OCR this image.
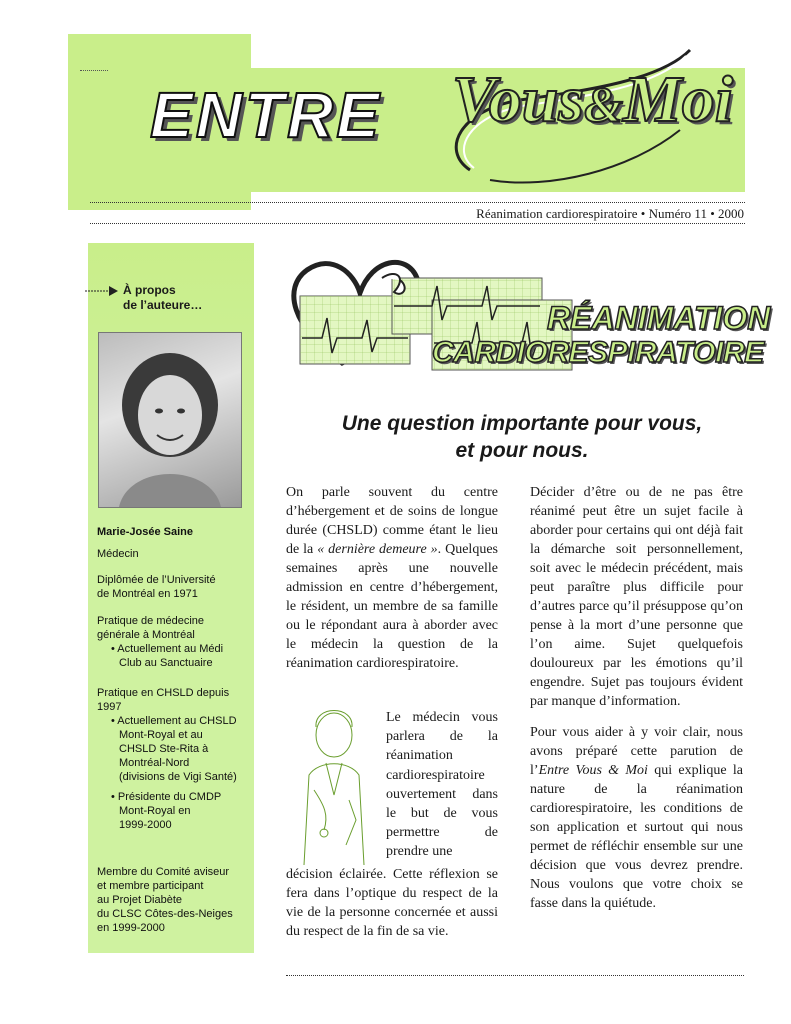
ENTRE Vous&Moi
Réanimation cardiorespiratoire • Numéro 11 • 2000
À propos
de l’auteure…
Marie-Josée Saine
Médecin
Diplômée de l’Université
de Montréal en 1971
Pratique de médecine
générale à Montréal
• Actuellement au Médi
Club au Sanctuaire
Pratique en CHSLD depuis
1997
• Actuellement au CHSLD
Mont-Royal et au
CHSLD Ste-Rita à
Montréal-Nord
(divisions de Vigi Santé)
• Présidente du CMDP
Mont-Royal en
1999-2000
Membre du Comité aviseur
et membre participant
au Projet Diabète
du CLSC Côtes-des-Neiges
en 1999-2000
RÉANIMATION
CARDIORESPIRATOIRE
Une question importante pour vous,
et pour nous.

On parle souvent du centre d’hébergement et de soins de longue durée (CHSLD) comme étant le lieu de la « dernière demeure ». Quelques semaines après une nouvelle admission en centre d’hébergement, le résident, un membre de sa famille ou le répondant aura à aborder avec le médecin la question de la réanimation cardiorespiratoire.

Le médecin vous parlera de la réanimation cardiorespiratoire ouvertement dans le but de vous permettre de prendre une
décision éclairée. Cette réflexion se fera dans l’optique du respect de la vie de la personne concernée et aussi du respect de la fin de sa vie.

Décider d’être ou de ne pas être réanimé peut être un sujet facile à aborder pour certains qui ont déjà fait la démarche soit personnellement, soit avec le médecin précédent, mais peut paraître plus difficile pour d’autres parce qu’il présuppose qu’on pense à la mort d’une personne que l’on aime. Sujet quelquefois douloureux par les émotions qu’il engendre. Sujet pas toujours évident par manque d’information.

Pour vous aider à y voir clair, nous avons préparé cette parution de l’Entre Vous & Moi qui explique la nature de la réanimation cardiorespiratoire, les conditions de son application et surtout qui nous permet de réfléchir ensemble sur une décision que vous devrez prendre. Nous voulons que votre choix se fasse dans la quiétude.
